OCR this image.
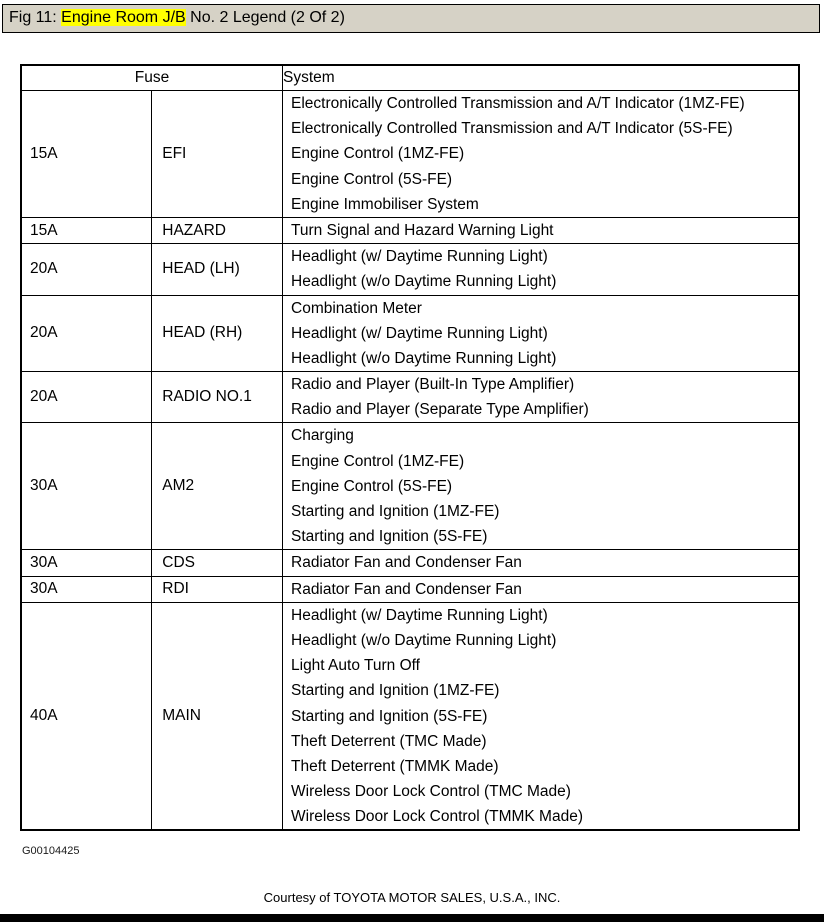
Fig 11: Engine Room J/B No. 2 Legend (2 Of 2)
Fuse		System
15A	EFI	Electronically Controlled Transmission and A/T Indicator (1MZ-FE)
Electronically Controlled Transmission and A/T Indicator (5S-FE)
Engine Control (1MZ-FE)
Engine Control (5S-FE)
Engine Immobiliser System

15A	HAZARD	Turn Signal and Hazard Warning Light

20A	HEAD (LH)	Headlight (w/ Daytime Running Light)
Headlight (w/o Daytime Running Light)

20A	HEAD (RH)	Combination Meter
Headlight (w/ Daytime Running Light)
Headlight (w/o Daytime Running Light)

20A	RADIO NO.1	Radio and Player (Built-In Type Amplifier)
Radio and Player (Separate Type Amplifier)

30A	AM2	Charging
Engine Control (1MZ-FE)
Engine Control (5S-FE)
Starting and Ignition (1MZ-FE)
Starting and Ignition (5S-FE)

30A	CDS	Radiator Fan and Condenser Fan

30A	RDI	Radiator Fan and Condenser Fan

40A	MAIN	
Headlight (w/ Daytime Running Light)
Headlight (w/o Daytime Running Light)
Light Auto Turn Off
Starting and Ignition (1MZ-FE)
Starting and Ignition (5S-FE)
Theft Deterrent (TMC Made)
Theft Deterrent (TMMK Made)
Wireless Door Lock Control (TMC Made)
Wireless Door Lock Control (TMMK Made)
G00104425
Courtesy of TOYOTA MOTOR SALES, U.S.A., INC.
